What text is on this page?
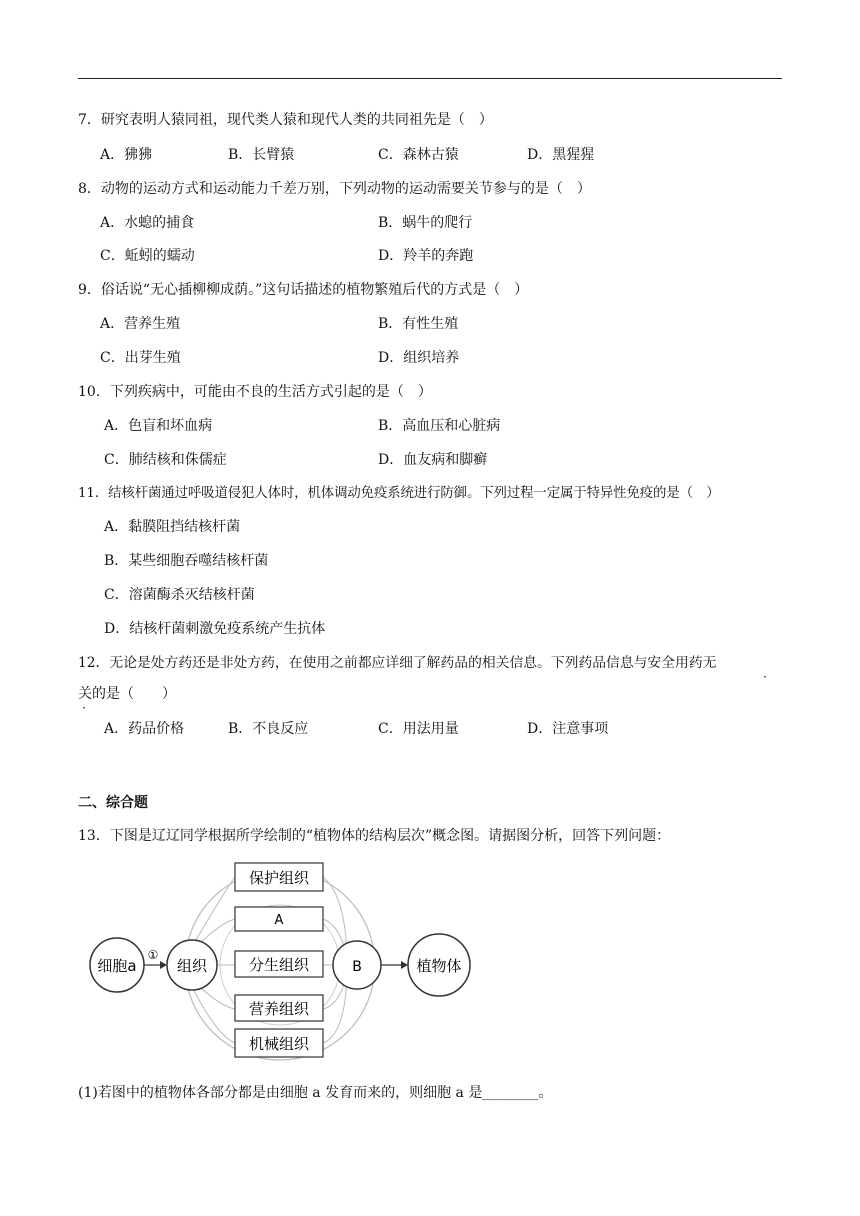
7．研究表明人猿同祖，现代类人猿和现代人类的共同祖先是（　）
A．狒狒	B．长臂猿	C．森林古猿	D．黑猩猩
8．动物的运动方式和运动能力千差万别，下列动物的运动需要关节参与的是（　）
A．水螅的捕食	B．蜗牛的爬行
C．蚯蚓的蠕动	D．羚羊的奔跑
9．俗话说“无心插柳柳成荫。”这句话描述的植物繁殖后代的方式是（　）
A．营养生殖	B．有性生殖
C．出芽生殖	D．组织培养
10．下列疾病中，可能由不良的生活方式引起的是（　）
A．色盲和坏血病	B．高血压和心脏病
C．肺结核和侏儒症	D．血友病和脚癣
11．结核杆菌通过呼吸道侵犯人体时，机体调动免疫系统进行防御。下列过程一定属于特异性免疫的是（　）
A．黏膜阻挡结核杆菌
B．某些细胞吞噬结核杆菌
C．溶菌酶杀灭结核杆菌
D．结核杆菌刺激免疫系统产生抗体
12．无论是处方药还是非处方药，在使用之前都应详细了解药品的相关信息。下列药品信息与安全用药无
·
关的是（　　）
·
A．药品价格	B．不良反应	C．用法用量	D．注意事项
二、综合题
13．下图是辽辽同学根据所学绘制的“植物体的结构层次”概念图。请据图分析，回答下列问题：
细胞a
①
组织
保护组织
A
分生组织
营养组织
机械组织
B	植物体
(1)若图中的植物体各部分都是由细胞 a 发育而来的，则细胞 a 是________。
